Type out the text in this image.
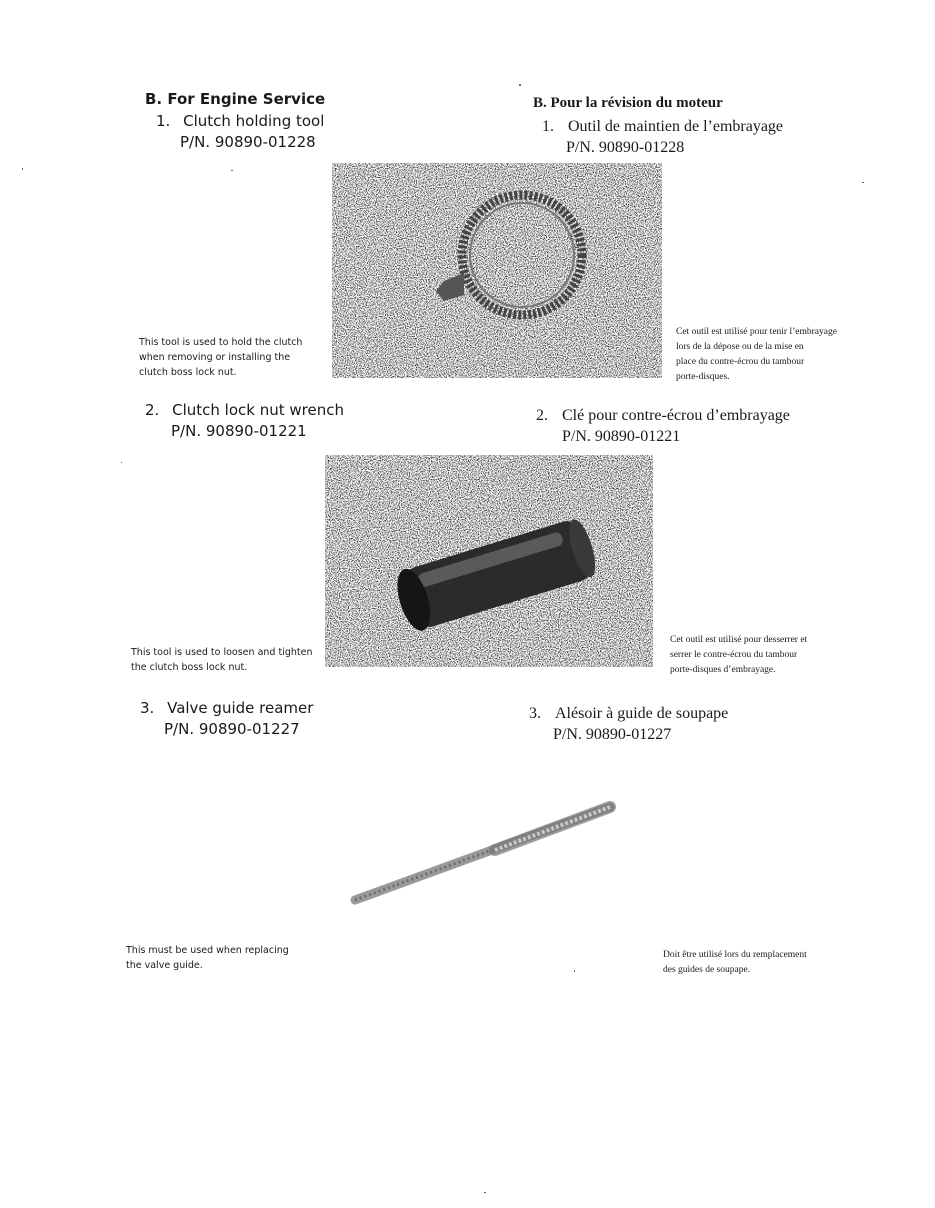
B. For Engine Service
1. Clutch holding tool
P/N. 90890-01228
2. Clutch lock nut wrench
P/N. 90890-01221
3. Valve guide reamer
P/N. 90890-01227
This tool is used to hold the clutch
when removing or installing the
clutch boss lock nut.
This tool is used to loosen and tighten
the clutch boss lock nut.
This must be used when replacing
the valve guide.
B. Pour la révision du moteur
1. Outil de maintien de l’embrayage
P/N. 90890-01228
2. Clé pour contre-écrou d’embrayage
P/N. 90890-01221
3. Alésoir à guide de soupape
P/N. 90890-01227
Cet outil est utilisé pour tenir l’embrayage
lors de la dépose ou de la mise en
place du contre-écrou du tambour
porte-disques.
Cet outil est utilisé pour desserrer et
serrer le contre-écrou du tambour
porte-disques d’embrayage.
Doit être utilisé lors du remplacement
des guides de soupape.
